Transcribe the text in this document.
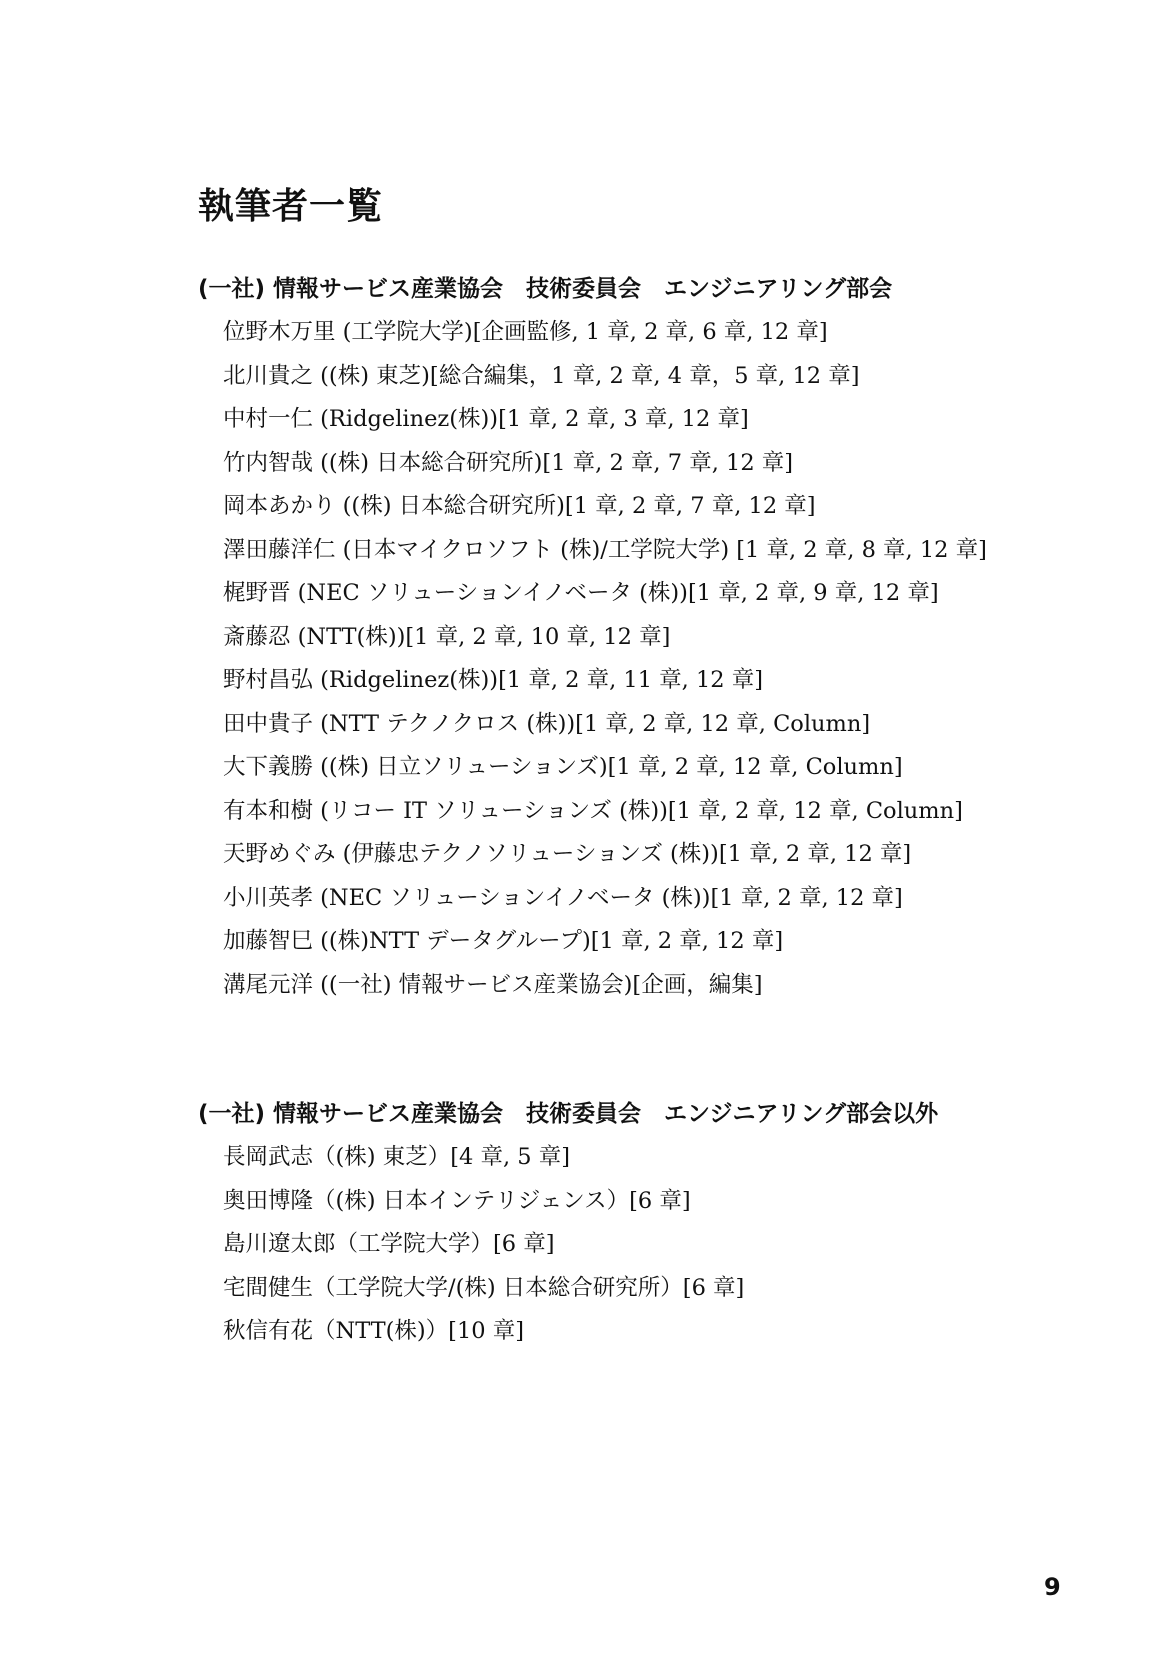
執筆者一覧
(一社) 情報サービス産業協会　技術委員会　エンジニアリング部会
位野木万里 (工学院大学)[企画監修, 1 章, 2 章, 6 章, 12 章]
北川貴之 ((株) 東芝)[総合編集，1 章, 2 章, 4 章，5 章, 12 章]
中村一仁 (Ridgelinez(株))[1 章, 2 章, 3 章, 12 章]
竹内智哉 ((株) 日本総合研究所)[1 章, 2 章, 7 章, 12 章]
岡本あかり ((株) 日本総合研究所)[1 章, 2 章, 7 章, 12 章]
澤田藤洋仁 (日本マイクロソフト (株)/工学院大学) [1 章, 2 章, 8 章, 12 章]
梶野晋 (NEC ソリューションイノベータ (株))[1 章, 2 章, 9 章, 12 章]
斎藤忍 (NTT(株))[1 章, 2 章, 10 章, 12 章]
野村昌弘 (Ridgelinez(株))[1 章, 2 章, 11 章, 12 章]
田中貴子 (NTT テクノクロス (株))[1 章, 2 章, 12 章, Column]
大下義勝 ((株) 日立ソリューションズ)[1 章, 2 章, 12 章, Column]
有本和樹 (リコー IT ソリューションズ (株))[1 章, 2 章, 12 章, Column]
天野めぐみ (伊藤忠テクノソリューションズ (株))[1 章, 2 章, 12 章]
小川英孝 (NEC ソリューションイノベータ (株))[1 章, 2 章, 12 章]
加藤智巳 ((株)NTT データグループ)[1 章, 2 章, 12 章]
溝尾元洋 ((一社) 情報サービス産業協会)[企画，編集]
(一社) 情報サービス産業協会　技術委員会　エンジニアリング部会以外
長岡武志（(株) 東芝）[4 章, 5 章]
奥田博隆（(株) 日本インテリジェンス）[6 章]
島川遼太郎（工学院大学）[6 章]
宅間健生（工学院大学/(株) 日本総合研究所）[6 章]
秋信有花（NTT(株)）[10 章]
9
